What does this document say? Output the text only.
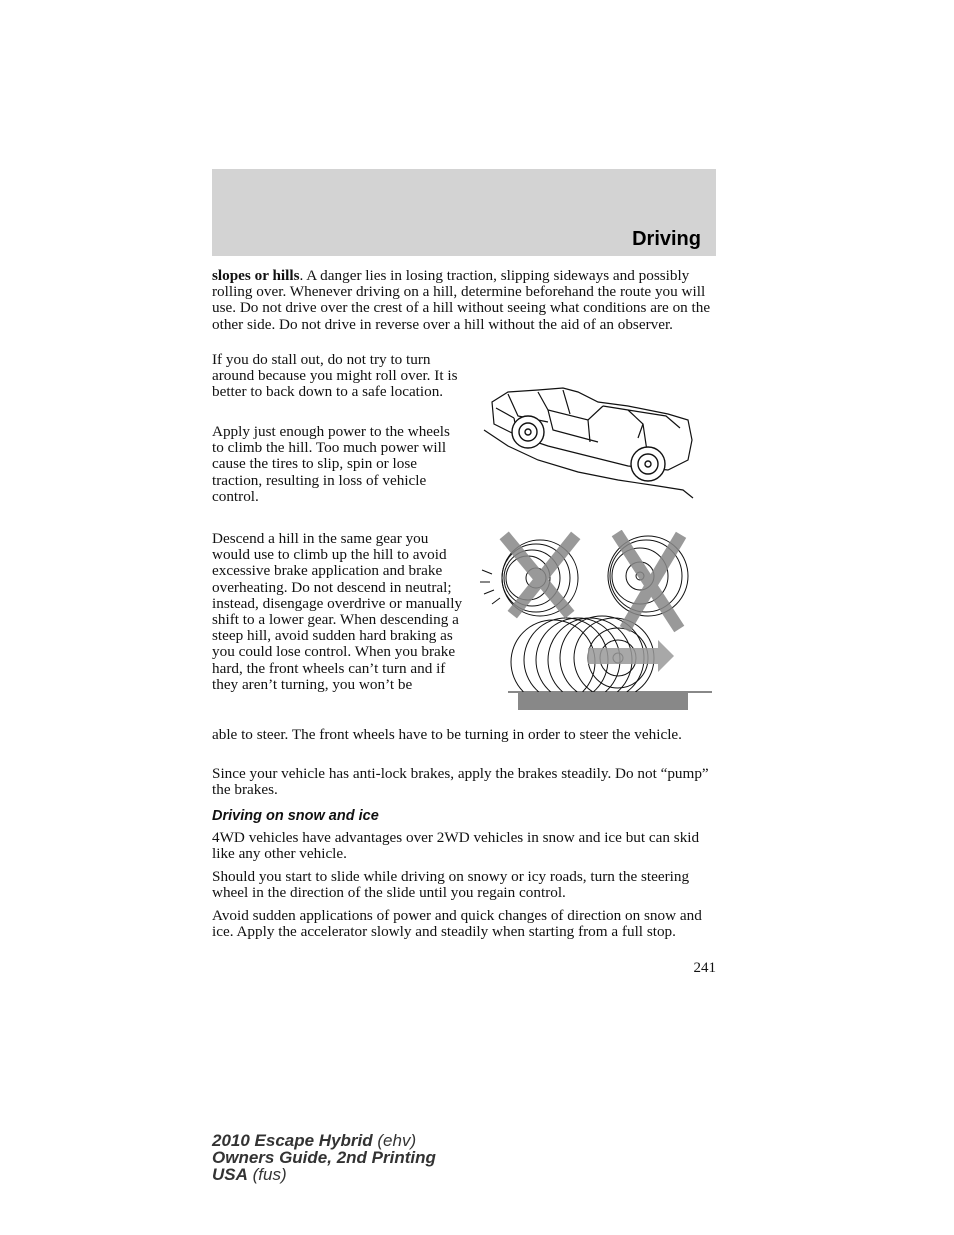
Driving

slopes or hills. A danger lies in losing traction, slipping sideways and possibly rolling over. Whenever driving on a hill, determine beforehand the route you will use. Do not drive over the crest of a hill without seeing what conditions are on the other side. Do not drive in reverse over a hill without the aid of an observer.

If you do stall out, do not try to turn around because you might roll over. It is better to back down to a safe location.

Apply just enough power to the wheels to climb the hill. Too much power will cause the tires to slip, spin or lose traction, resulting in loss of vehicle control.

Descend a hill in the same gear you would use to climb up the hill to avoid excessive brake application and brake overheating. Do not descend in neutral; instead, disengage overdrive or manually shift to a lower gear. When descending a steep hill, avoid sudden hard braking as you could lose control. When you brake hard, the front wheels can’t turn and if they aren’t turning, you won’t be

able to steer. The front wheels have to be turning in order to steer the vehicle.

Since your vehicle has anti-lock brakes, apply the brakes steadily. Do not “pump” the brakes.

Driving on snow and ice

4WD vehicles have advantages over 2WD vehicles in snow and ice but can skid like any other vehicle.

Should you start to slide while driving on snowy or icy roads, turn the steering wheel in the direction of the slide until you regain control.

Avoid sudden applications of power and quick changes of direction on snow and ice. Apply the accelerator slowly and steadily when starting from a full stop.

241
2010 Escape Hybrid (ehv)
Owners Guide, 2nd Printing
USA (fus)
